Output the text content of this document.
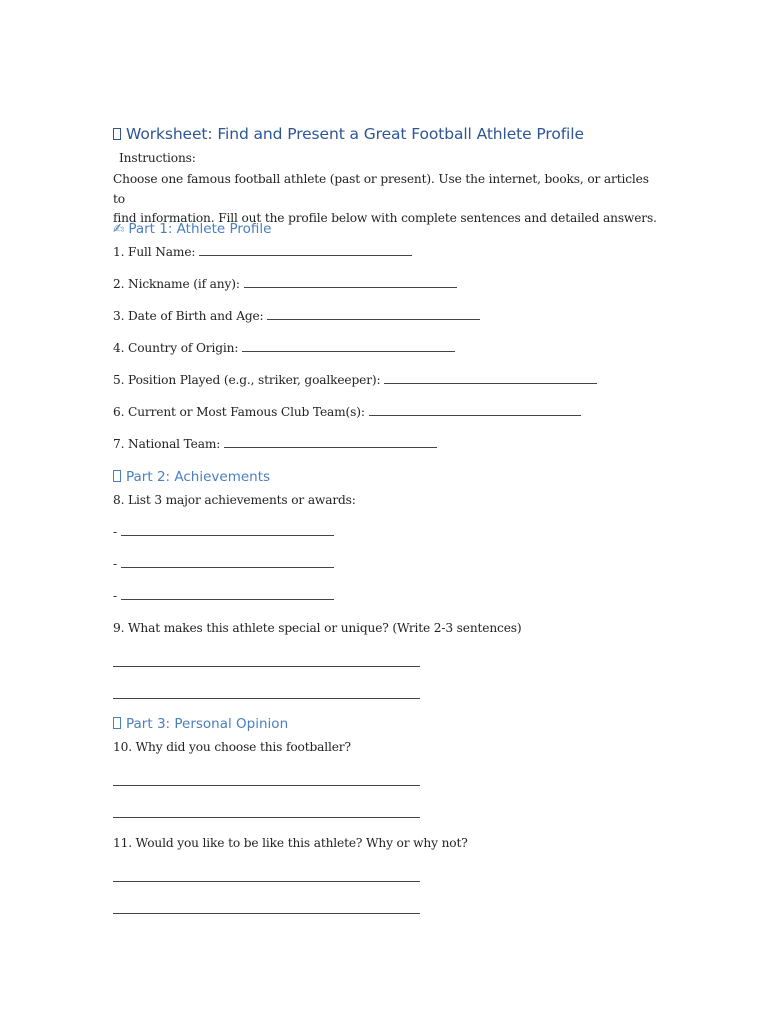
Worksheet: Find and Present a Great Football Athlete Profile
Instructions:
Choose one famous football athlete (past or present). Use the internet, books, or articles to
find information. Fill out the profile below with complete sentences and detailed answers.
✍ Part 1: Athlete Profile
1. Full Name:
2. Nickname (if any):
3. Date of Birth and Age:
4. Country of Origin:
5. Position Played (e.g., striker, goalkeeper):
6. Current or Most Famous Club Team(s):
7. National Team:
Part 2: Achievements
8. List 3 major achievements or awards:
-
-
-
9. What makes this athlete special or unique? (Write 2-3 sentences)
Part 3: Personal Opinion
10. Why did you choose this footballer?
11. Would you like to be like this athlete? Why or why not?
